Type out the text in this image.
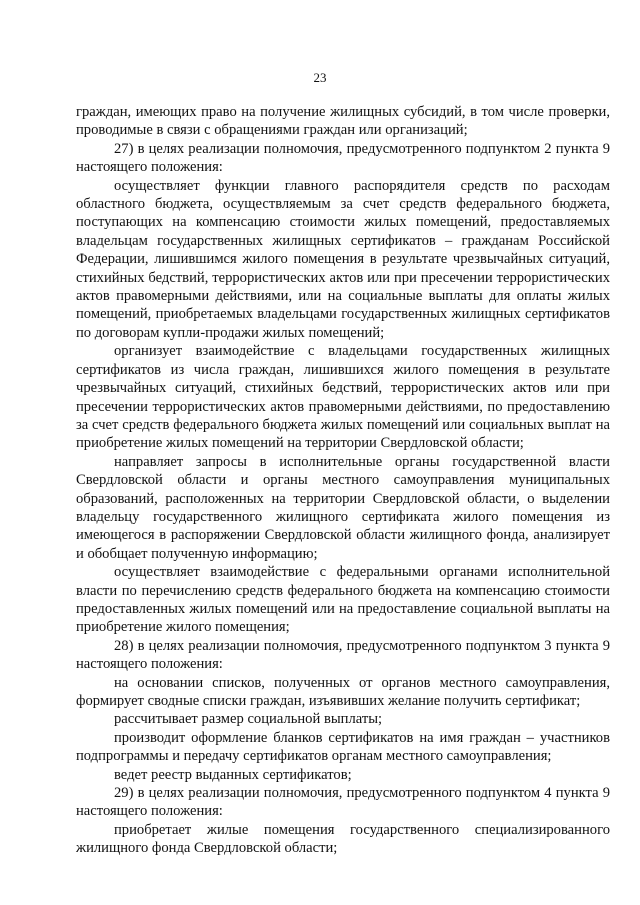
23

граждан, имеющих право на получение жилищных субсидий, в том числе проверки, проводимые в связи с обращениями граждан или организаций;

27) в целях реализации полномочия, предусмотренного подпунктом 2 пункта 9 настоящего положения:

осуществляет функции главного распорядителя средств по расходам областного бюджета, осуществляемым за счет средств федерального бюджета, поступающих на компенсацию стоимости жилых помещений, предоставляемых владельцам государственных жилищных сертификатов – гражданам Российской Федерации, лишившимся жилого помещения в результате чрезвычайных ситуаций, стихийных бедствий, террористических актов или при пресечении террористических актов правомерными действиями, или на социальные выплаты для оплаты жилых помещений, приобретаемых владельцами государственных жилищных сертификатов по договорам купли-продажи жилых помещений;

организует взаимодействие с владельцами государственных жилищных сертификатов из числа граждан, лишившихся жилого помещения в результате чрезвычайных ситуаций, стихийных бедствий, террористических актов или при пресечении террористических актов правомерными действиями, по предоставлению за счет средств федерального бюджета жилых помещений или социальных выплат на приобретение жилых помещений на территории Свердловской области;

направляет запросы в исполнительные органы государственной власти Свердловской области и органы местного самоуправления муниципальных образований, расположенных на территории Свердловской области, о выделении владельцу государственного жилищного сертификата жилого помещения из имеющегося в распоряжении Свердловской области жилищного фонда, анализирует и обобщает полученную информацию;

осуществляет взаимодействие с федеральными органами исполнительной власти по перечислению средств федерального бюджета на компенсацию стоимости предоставленных жилых помещений или на предоставление социальной выплаты на приобретение жилого помещения;

28) в целях реализации полномочия, предусмотренного подпунктом 3 пункта 9 настоящего положения:

на основании списков, полученных от органов местного самоуправления, формирует сводные списки граждан, изъявивших желание получить сертификат;

рассчитывает размер социальной выплаты;

производит оформление бланков сертификатов на имя граждан – участников подпрограммы и передачу сертификатов органам местного самоуправления;

ведет реестр выданных сертификатов;

29) в целях реализации полномочия, предусмотренного подпунктом 4 пункта 9 настоящего положения:

приобретает жилые помещения государственного специализированного жилищного фонда Свердловской области;
